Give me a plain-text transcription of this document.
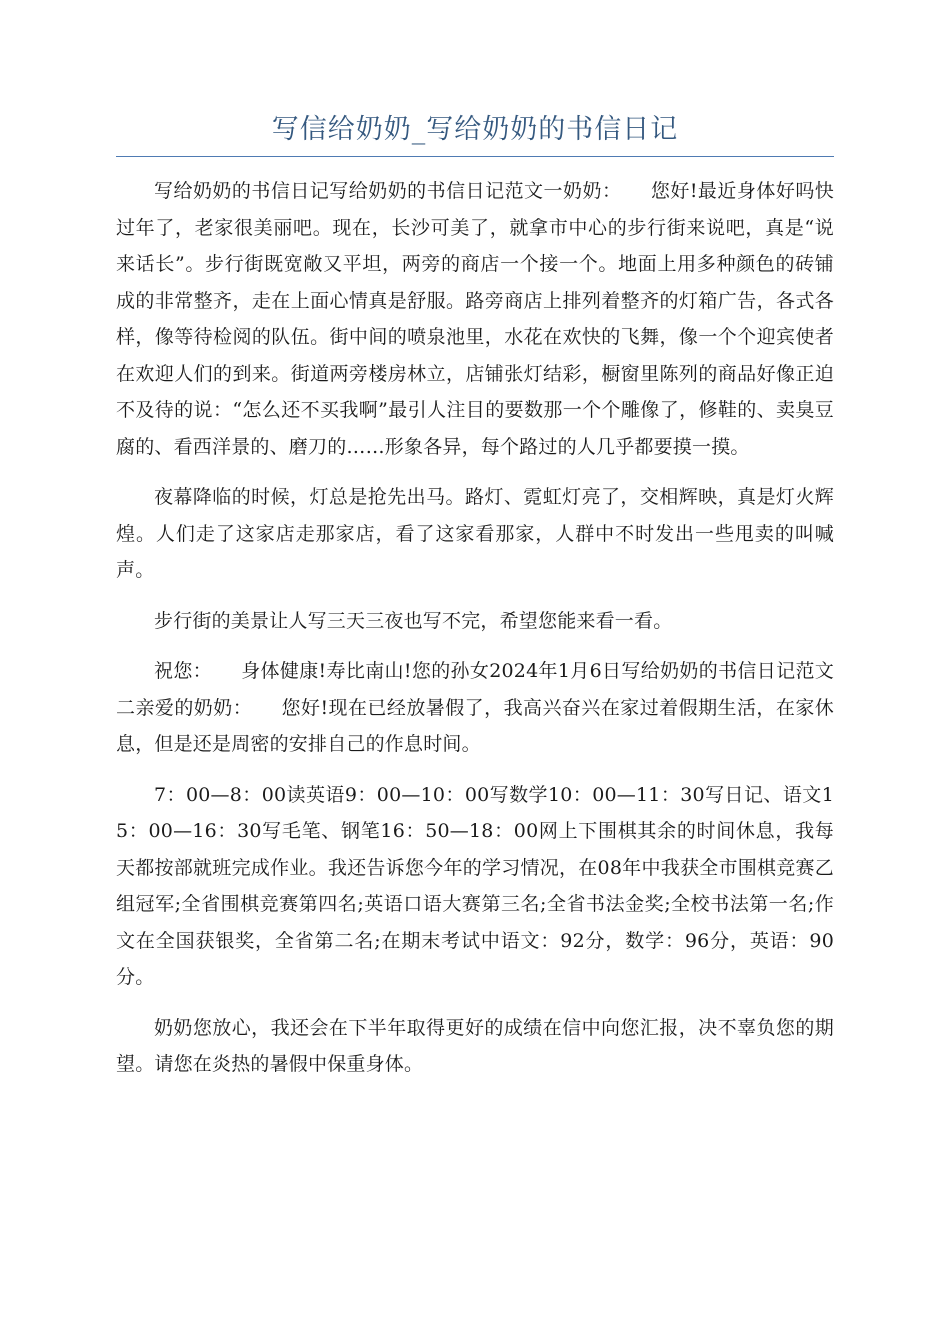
写信给奶奶_写给奶奶的书信日记

写给奶奶的书信日记写给奶奶的书信日记范文一奶奶：　　您好!最近身体好吗快过年了，老家很美丽吧。现在，长沙可美了，就拿市中心的步行街来说吧，真是“说来话长”。步行街既宽敞又平坦，两旁的商店一个接一个。地面上用多种颜色的砖铺成的非常整齐，走在上面心情真是舒服。路旁商店上排列着整齐的灯箱广告，各式各样，像等待检阅的队伍。街中间的喷泉池里，水花在欢快的飞舞，像一个个迎宾使者在欢迎人们的到来。街道两旁楼房林立，店铺张灯结彩，橱窗里陈列的商品好像正迫不及待的说：“怎么还不买我啊”最引人注目的要数那一个个雕像了，修鞋的、卖臭豆腐的、看西洋景的、磨刀的……形象各异，每个路过的人几乎都要摸一摸。

夜幕降临的时候，灯总是抢先出马。路灯、霓虹灯亮了，交相辉映，真是灯火辉煌。人们走了这家店走那家店，看了这家看那家，人群中不时发出一些甩卖的叫喊声。

步行街的美景让人写三天三夜也写不完，希望您能来看一看。

祝您：　　身体健康!寿比南山!您的孙女2024年1月6日写给奶奶的书信日记范文二亲爱的奶奶：　　您好!现在已经放暑假了，我高兴奋兴在家过着假期生活，在家休息，但是还是周密的安排自己的作息时间。

7：00—8：00读英语9：00—10：00写数学10：00—11：30写日记、语文15：00—16：30写毛笔、钢笔16：50—18：00网上下围棋其余的时间休息，我每天都按部就班完成作业。我还告诉您今年的学习情况，在08年中我获全市围棋竞赛乙组冠军;全省围棋竞赛第四名;英语口语大赛第三名;全省书法金奖;全校书法第一名;作文在全国获银奖，全省第二名;在期末考试中语文：92分，数学：96分，英语：90分。

奶奶您放心，我还会在下半年取得更好的成绩在信中向您汇报，决不辜负您的期望。请您在炎热的暑假中保重身体。
